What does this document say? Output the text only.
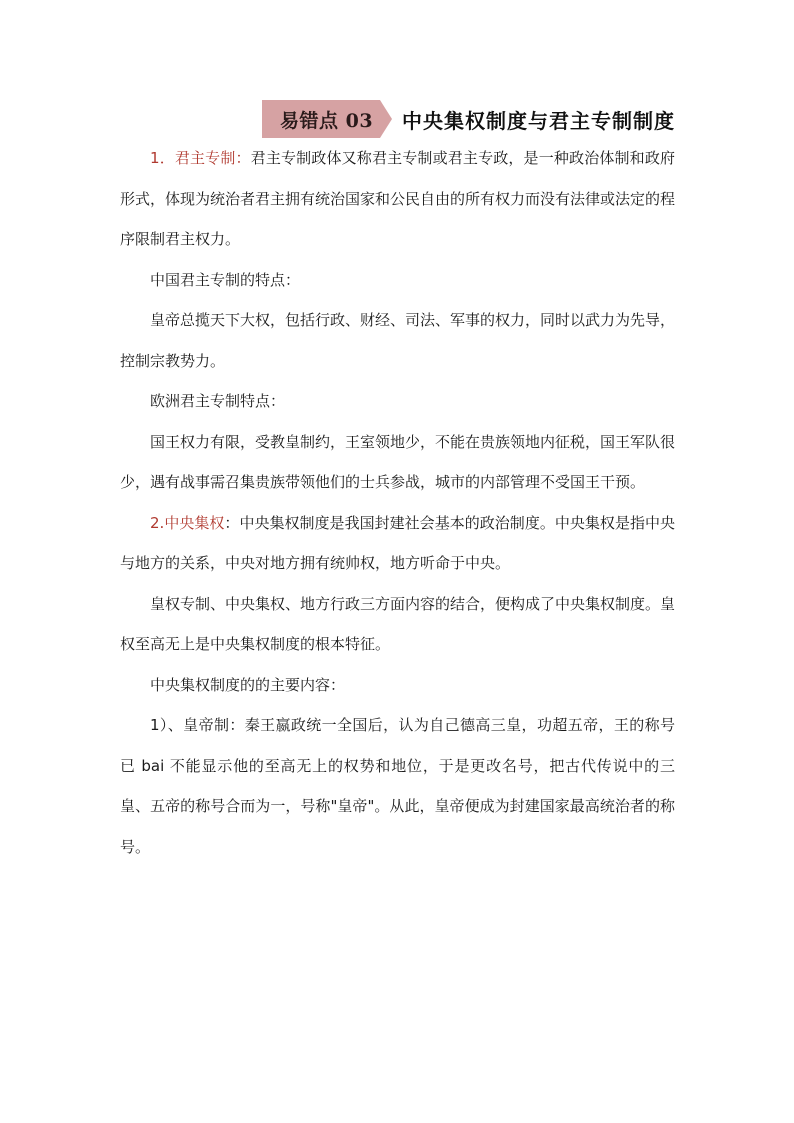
易错点 03 中央集权制度与君主专制制度

1．君主专制：君主专制政体又称君主专制或君主专政，是一种政治体制和政府形式，体现为统治者君主拥有统治国家和公民自由的所有权力而没有法律或法定的程序限制君主权力。

中国君主专制的特点：

皇帝总揽天下大权，包括行政、财经、司法、军事的权力，同时以武力为先导，控制宗教势力。

欧洲君主专制特点：

国王权力有限，受教皇制约，王室领地少，不能在贵族领地内征税，国王军队很少，遇有战事需召集贵族带领他们的士兵参战，城市的内部管理不受国王干预。

2.中央集权：中央集权制度是我国封建社会基本的政治制度。中央集权是指中央与地方的关系，中央对地方拥有统帅权，地方听命于中央。

皇权专制、中央集权、地方行政三方面内容的结合，便构成了中央集权制度。皇权至高无上是中央集权制度的根本特征。

中央集权制度的的主要内容：

1）、皇帝制：秦王嬴政统一全国后，认为自己德高三皇，功超五帝，王的称号已 bai 不能显示他的至高无上的权势和地位，于是更改名号，把古代传说中的三皇、五帝的称号合而为一，号称"皇帝"。从此，皇帝便成为封建国家最高统治者的称号。
